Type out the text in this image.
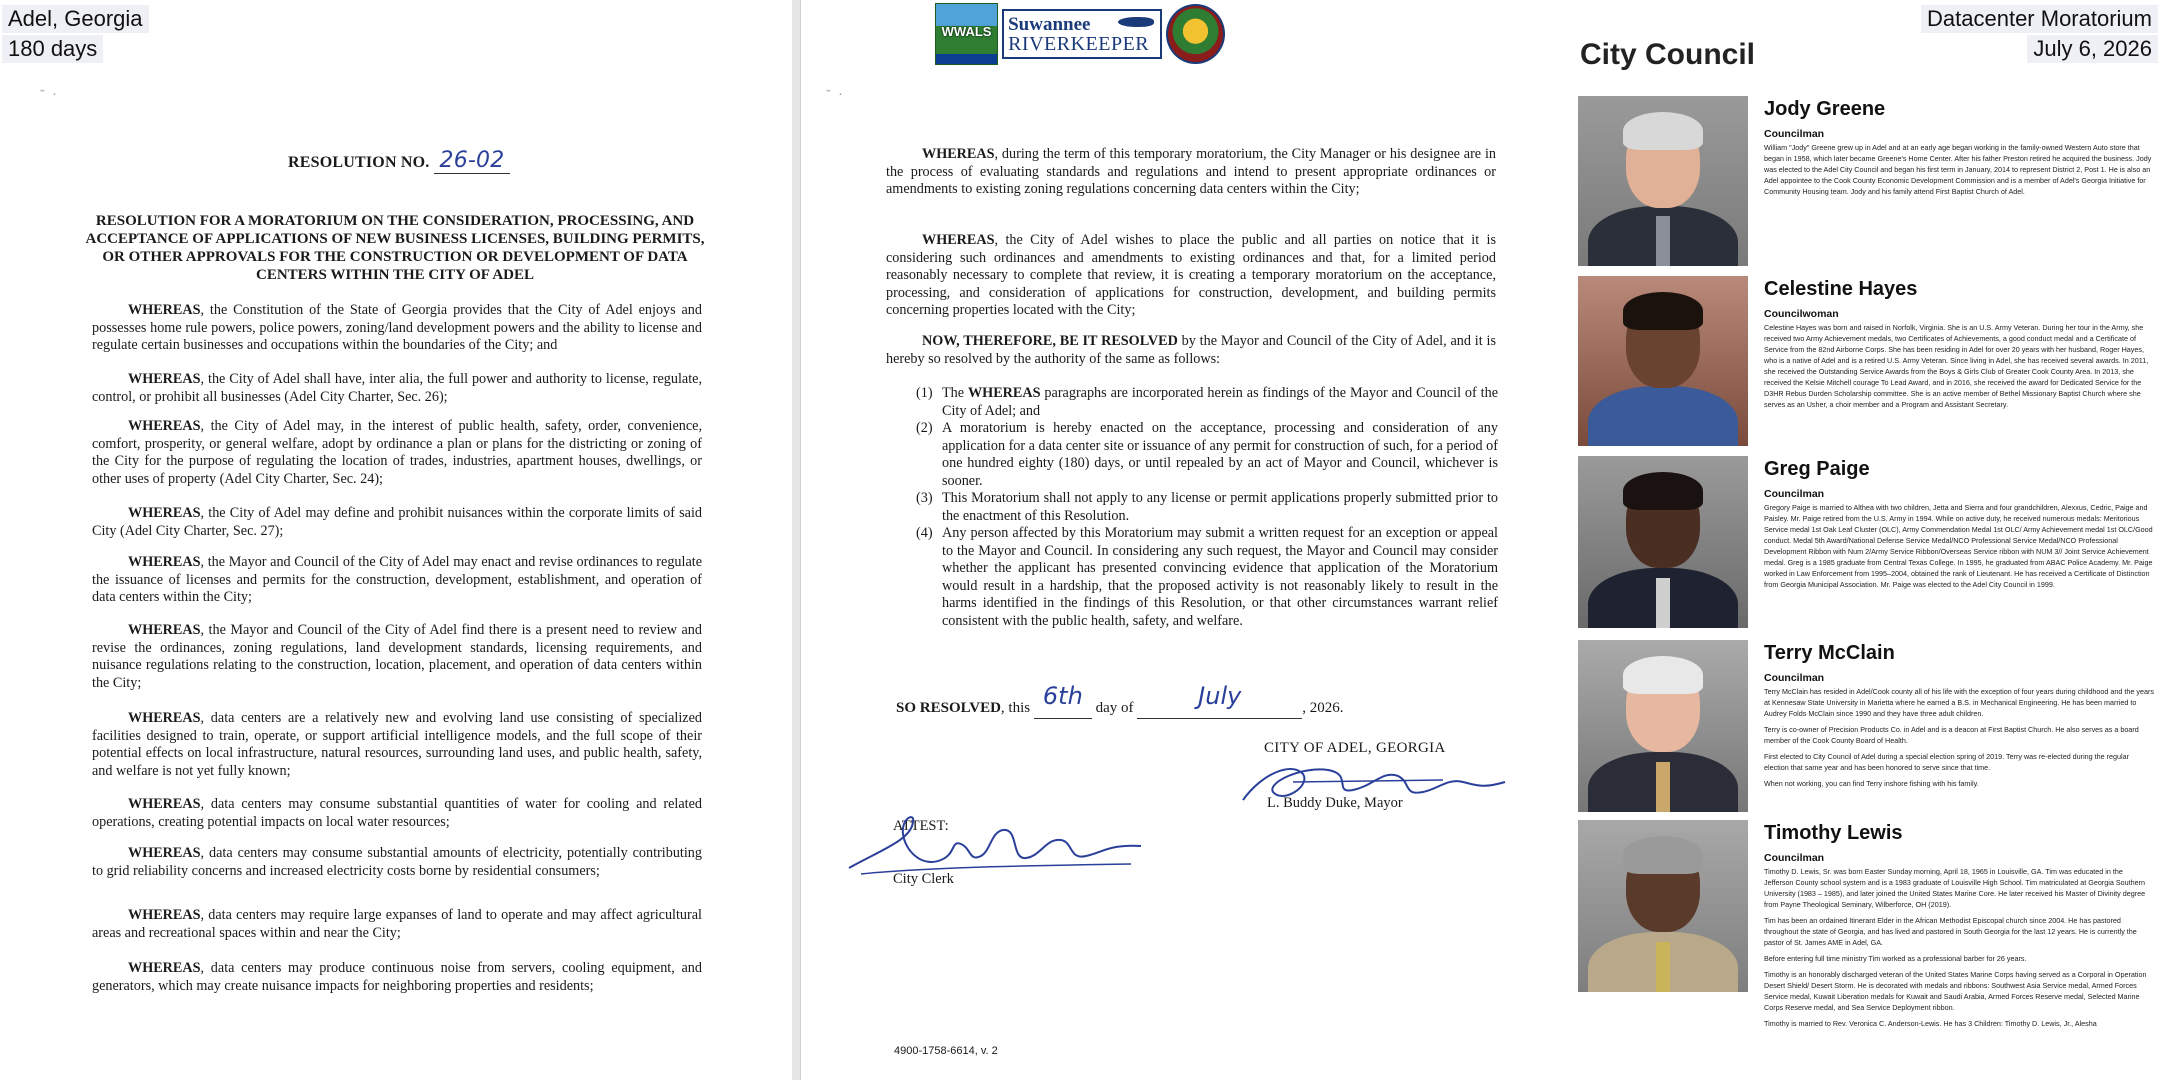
Adel, Georgia
180 days
Datacenter Moratorium
July 6, 2026
WWALS Suwannee
RIVERKEEPER
˘ ·
RESOLUTION NO. 26-02
RESOLUTION FOR A MORATORIUM ON THE CONSIDERATION, PROCESSING, AND ACCEPTANCE OF APPLICATIONS OF NEW BUSINESS LICENSES, BUILDING PERMITS, OR OTHER APPROVALS FOR THE CONSTRUCTION OR DEVELOPMENT OF DATA CENTERS WITHIN THE CITY OF ADEL

WHEREAS, the Constitution of the State of Georgia provides that the City of Adel enjoys and possesses home rule powers, police powers, zoning/land development powers and the ability to license and regulate certain businesses and occupations within the boundaries of the City; and

WHEREAS, the City of Adel shall have, inter alia, the full power and authority to license, regulate, control, or prohibit all businesses (Adel City Charter, Sec. 26);

WHEREAS, the City of Adel may, in the interest of public health, safety, order, convenience, comfort, prosperity, or general welfare, adopt by ordinance a plan or plans for the districting or zoning of the City for the purpose of regulating the location of trades, industries, apartment houses, dwellings, or other uses of property (Adel City Charter, Sec. 24);

WHEREAS, the City of Adel may define and prohibit nuisances within the corporate limits of said City (Adel City Charter, Sec. 27);

WHEREAS, the Mayor and Council of the City of Adel may enact and revise ordinances to regulate the issuance of licenses and permits for the construction, development, establishment, and operation of data centers within the City;

WHEREAS, the Mayor and Council of the City of Adel find there is a present need to review and revise the ordinances, zoning regulations, land development standards, licensing requirements, and nuisance regulations relating to the construction, location, placement, and operation of data centers within the City;

WHEREAS, data centers are a relatively new and evolving land use consisting of specialized facilities designed to train, operate, or support artificial intelligence models, and the full scope of their potential effects on local infrastructure, natural resources, surrounding land uses, and public health, safety, and welfare is not yet fully known;

WHEREAS, data centers may consume substantial quantities of water for cooling and related operations, creating potential impacts on local water resources;

WHEREAS, data centers may consume substantial amounts of electricity, potentially contributing to grid reliability concerns and increased electricity costs borne by residential consumers;

WHEREAS, data centers may require large expanses of land to operate and may affect agricultural areas and recreational spaces within and near the City;

WHEREAS, data centers may produce continuous noise from servers, cooling equipment, and generators, which may create nuisance impacts for neighboring properties and residents;

˘ ·

WHEREAS, during the term of this temporary moratorium, the City Manager or his designee are in the process of evaluating standards and regulations and intend to present appropriate ordinances or amendments to existing zoning regulations concerning data centers within the City;

WHEREAS, the City of Adel wishes to place the public and all parties on notice that it is considering such ordinances and amendments to existing ordinances and that, for a limited period reasonably necessary to complete that review, it is creating a temporary moratorium on the acceptance, processing, and consideration of applications for construction, development, and building permits concerning properties located with the City;

NOW, THEREFORE, BE IT RESOLVED by the Mayor and Council of the City of Adel, and it is hereby so resolved by the authority of the same as follows:

(1) The WHEREAS paragraphs are incorporated herein as findings of the Mayor and Council of the City of Adel; and
(2) A moratorium is hereby enacted on the acceptance, processing and consideration of any application for a data center site or issuance of any permit for construction of such, for a period of one hundred eighty (180) days, or until repealed by an act of Mayor and Council, whichever is sooner.
(3) This Moratorium shall not apply to any license or permit applications properly submitted prior to the enactment of this Resolution.
(4) Any person affected by this Moratorium may submit a written request for an exception or appeal to the Mayor and Council. In considering any such request, the Mayor and Council may consider whether the applicant has presented convincing evidence that application of the Moratorium would result in a hardship, that the proposed activity is not reasonably likely to result in the harms identified in the findings of this Resolution, or that other circumstances warrant relief consistent with the public health, safety, and welfare.
SO RESOLVED, this 6th day of	July	, 2026.
CITY OF ADEL, GEORGIA
L. Buddy Duke, Mayor
ATTEST:
City Clerk
4900-1758-6614, v. 2
City Council
Jody Greene
Councilman

William "Jody" Greene grew up in Adel and at an early age began working in the family-owned Western Auto store that began in 1958, which later became Greene's Home Center. After his father Preston retired he acquired the business. Jody was elected to the Adel City Council and began his first term in January, 2014 to represent District 2, Post 1. He is also an Adel appointee to the Cook County Economic Development Commission and is a member of Adel's Georgia Initiative for Community Housing team. Jody and his family attend First Baptist Church of Adel.

Celestine Hayes
Councilwoman

Celestine Hayes was born and raised in Norfolk, Virginia. She is an U.S. Army Veteran. During her tour in the Army, she received two Army Achievement medals, two Certificates of Achievements, a good conduct medal and a Certificate of Service from the 82nd Airborne Corps. She has been residing in Adel for over 20 years with her husband, Roger Hayes, who is a native of Adel and is a retired U.S. Army Veteran. Since living in Adel, she has received several awards. In 2011, she received the Outstanding Service Awards from the Boys & Girls Club of Greater Cook County Area. In 2013, she received the Kelsie Mitchell courage To Lead Award, and in 2016, she received the award for Dedicated Service for the D3HR Rebus Durden Scholarship committee. She is an active member of Bethel Missionary Baptist Church where she serves as an Usher, a choir member and a Program and Assistant Secretary.

Greg Paige
Councilman

Gregory Paige is married to Althea with two children, Jetta and Sierra and four grandchildren, Alexxus, Cedric, Paige and Paisley. Mr. Paige retired from the U.S. Army in 1994. While on active duty, he received numerous medals: Meritorious Service medal 1st Oak Leaf Cluster (OLC), Army Commendation Medal 1st OLC/ Army Achievement medal 1st OLC/Good conduct. Medal 5th Award/National Defense Service Medal/NCO Professional Service Medal/NCO Professional Development Ribbon with Num 2/Army Service Ribbon/Overseas Service ribbon with NUM 3// Joint Service Achievement medal. Greg is a 1985 graduate from Central Texas College. In 1995, he graduated from ABAC Police Academy. Mr. Paige worked in Law Enforcement from 1995–2004, obtained the rank of Lieutenant. He has received a Certificate of Distinction from Georgia Municipal Association. Mr. Paige was elected to the Adel City Council in 1999.

Terry McClain
Councilman

Terry McClain has resided in Adel/Cook county all of his life with the exception of four years during childhood and the years at Kennesaw State University in Marietta where he earned a B.S. in Mechanical Engineering. He has been married to Audrey Folds McClain since 1990 and they have three adult children.

Terry is co-owner of Precision Products Co. in Adel and is a deacon at First Baptist Church. He also serves as a board member of the Cook County Board of Health.

First elected to City Council of Adel during a special election spring of 2019. Terry was re-elected during the regular election that same year and has been honored to serve since that time.

When not working, you can find Terry inshore fishing with his family.

Timothy Lewis
Councilman

Timothy D. Lewis, Sr. was born Easter Sunday morning, April 18, 1965 in Louisville, GA. Tim was educated in the Jefferson County school system and is a 1983 graduate of Louisville High School. Tim matriculated at Georgia Southern University (1983 – 1985), and later joined the United States Marine Core. He later received his Master of Divinity degree from Payne Theological Seminary, Wilberforce, OH (2019).

Tim has been an ordained Itinerant Elder in the African Methodist Episcopal church since 2004. He has pastored throughout the state of Georgia, and has lived and pastored in South Georgia for the last 12 years. He is currently the pastor of St. James AME in Adel, GA.

Before entering full time ministry Tim worked as a professional barber for 26 years.

Timothy is an honorably discharged veteran of the United States Marine Corps having served as a Corporal in Operation Desert Shield/ Desert Storm. He is decorated with medals and ribbons: Southwest Asia Service medal, Armed Forces Service medal, Kuwait Liberation medals for Kuwait and Saudi Arabia, Armed Forces Reserve medal, Selected Marine Corps Reserve medal, and Sea Service Deployment ribbon.

Timothy is married to Rev. Veronica C. Anderson-Lewis. He has 3 Children: Timothy D. Lewis, Jr., Alesha
